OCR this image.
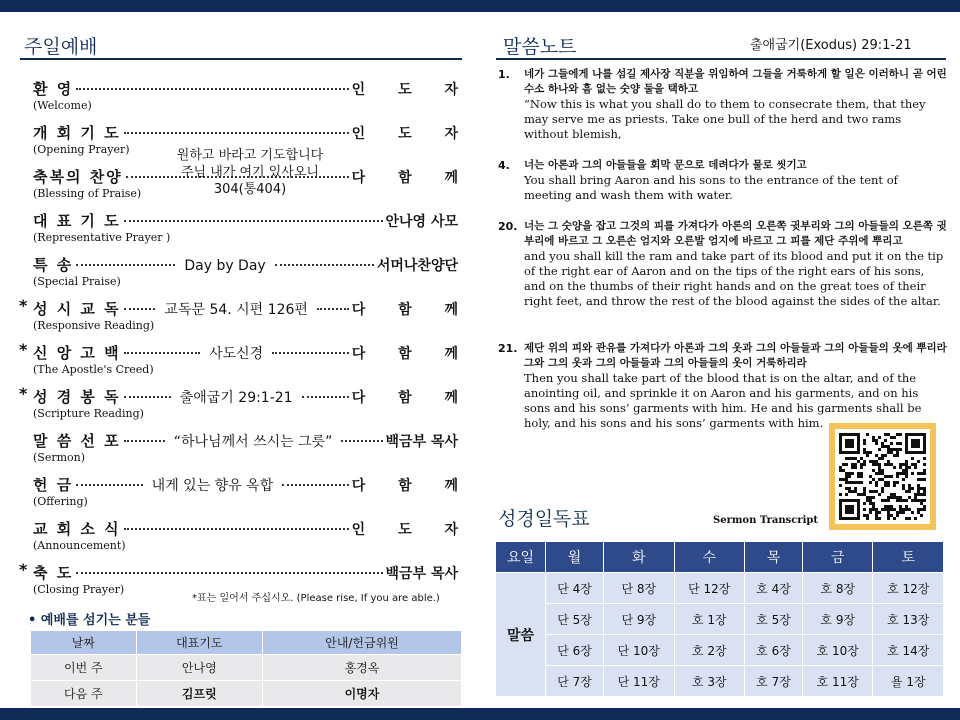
주일예배
환 영	인 도 자
(Welcome)
개 회 기 도	인 도 자
(Opening Prayer)
축복의 찬양	다 함 께
(Blessing of Praise)
대 표 기 도	안나영 사모
(Representative Prayer )
특 송	Day by Day	서머나찬양단
(Special Praise)
* 성 시 교 독	교독문 54. 시편 126편	다 함 께
(Responsive Reading)
* 신 앙 고 백	사도신경	다 함 께
(The Apostle's Creed)
* 성 경 봉 독	출애굽기 29:1-21	다 함 께
(Scripture Reading)
말 씀 선 포	“하나님께서 쓰시는 그릇”	백금부 목사
(Sermon)
헌 금	내게 있는 향유 옥합	다 함 께
(Offering)
교 회 소 식	인 도 자
(Announcement)
* 축 도	백금부 목사
(Closing Prayer)
원하고 바라고 기도합니다
주님 내가 여기 있사오니
304(통404)
*표는 일어서 주십시오. (Please rise, If you are able.)
• 예배를 섬기는 분들
날짜	대표기도	안내/헌금위원
이번 주	안나영	홍경옥
다음 주	김프릿	이명자
말씀노트	출애굽기(Exodus) 29:1-21
1. 네가 그들에게 나를 섬길 제사장 직분을 위임하여 그들을 거룩하게 할 일은 이러하니 곧 어린 수소 하나와 흠 없는 숫양 둘을 택하고
“Now this is what you shall do to them to consecrate them, that they may serve me as priests. Take one bull of the herd and two rams without blemish,
4. 너는 아론과 그의 아들들을 회막 문으로 데려다가 물로 씻기고
You shall bring Aaron and his sons to the entrance of the tent of meeting and wash them with water.
20. 너는 그 숫양을 잡고 그것의 피를 가져다가 아론의 오른쪽 귓부리와 그의 아들들의 오른쪽 귓부리에 바르고 그 오른손 엄지와 오른발 엄지에 바르고 그 피를 제단 주위에 뿌리고
and you shall kill the ram and take part of its blood and put it on the tip of the right ear of Aaron and on the tips of the right ears of his sons, and on the thumbs of their right hands and on the great toes of their right feet, and throw the rest of the blood against the sides of the altar.
21. 제단 위의 피와 관유를 가져다가 아론과 그의 옷과 그의 아들들과 그의 아들들의 옷에 뿌리라 그와 그의 옷과 그의 아들들과 그의 아들들의 옷이 거룩하리라
Then you shall take part of the blood that is on the altar, and of the anointing oil, and sprinkle it on Aaron and his garments, and on his sons and his sons’ garments with him. He and his garments shall be holy, and his sons and his sons’ garments with him.
Sermon Transcript
성경일독표
요일	월	화	수	목	금	토
말씀	단 4장	단 8장	단 12장	호 4장	호 8장	호 12장
	단 5장	단 9장	호 1장	호 5장	호 9장	호 13장
	단 6장	단 10장	호 2장	호 6장	호 10장	호 14장
	단 7장	단 11장	호 3장	호 7장	호 11장	욜 1장
